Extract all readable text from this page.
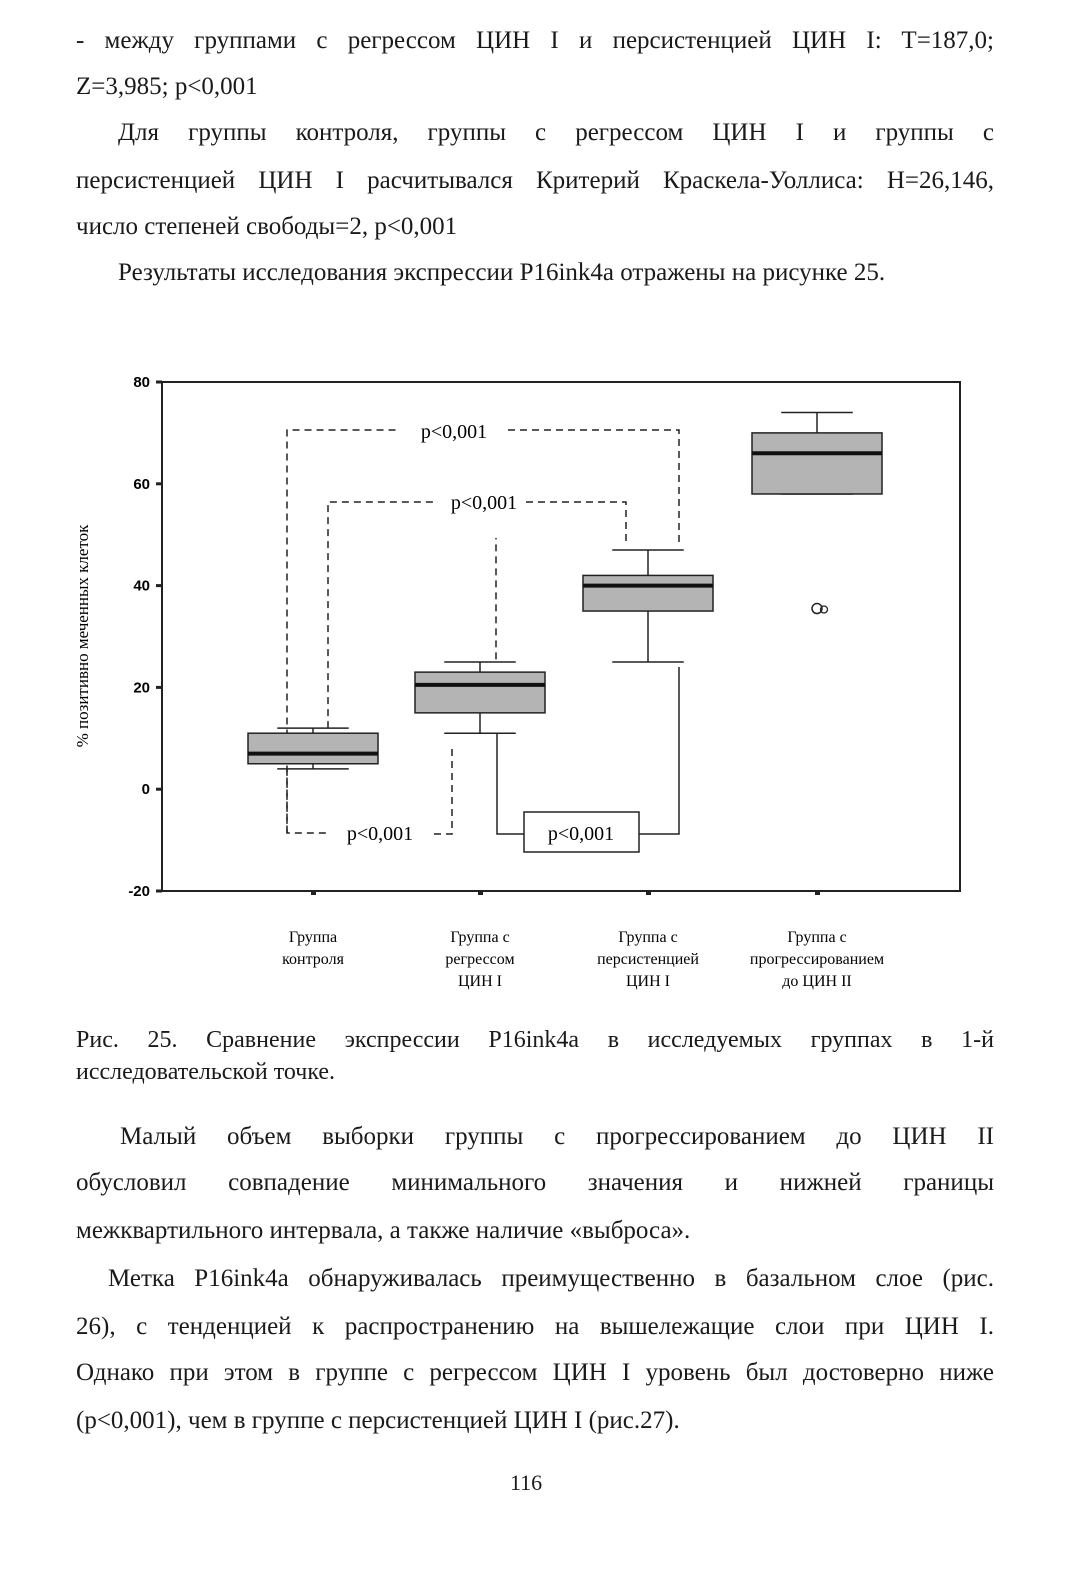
- между группами с регрессом ЦИН I и персистенцией ЦИН I: T=187,0;

Z=3,985; p<0,001

Для группы контроля, группы с регрессом ЦИН I и группы с

персистенцией ЦИН I расчитывался Критерий Краскела-Уоллиса: H=26,146,

число степеней свободы=2, p<0,001

Результаты исследования экспрессии P16ink4a отражены на рисунке 25.

% позитивно меченных клеток
-20
0
20
40
60
80
Группа контроля
Группа с регрессом ЦИН I
Группа с персистенцией ЦИН I
Группа с прогрессированием до ЦИН II
p<0,001
p<0,001
p<0,001	p<0,001

Рис. 25. Сравнение экспрессии P16ink4a в исследуемых группах в 1-й

исследовательской точке.

Малый объем выборки группы с прогрессированием до ЦИН II

обусловил совпадение минимального значения и нижней границы

межквартильного интервала, а также наличие «выброса».

Метка P16ink4a обнаруживалась преимущественно в базальном слое (рис.

26), с тенденцией к распространению на вышележащие слои при ЦИН I.

Однако при этом в группе с регрессом ЦИН I уровень был достоверно ниже

(p<0,001), чем в группе с персистенцией ЦИН I (рис.27).

116
